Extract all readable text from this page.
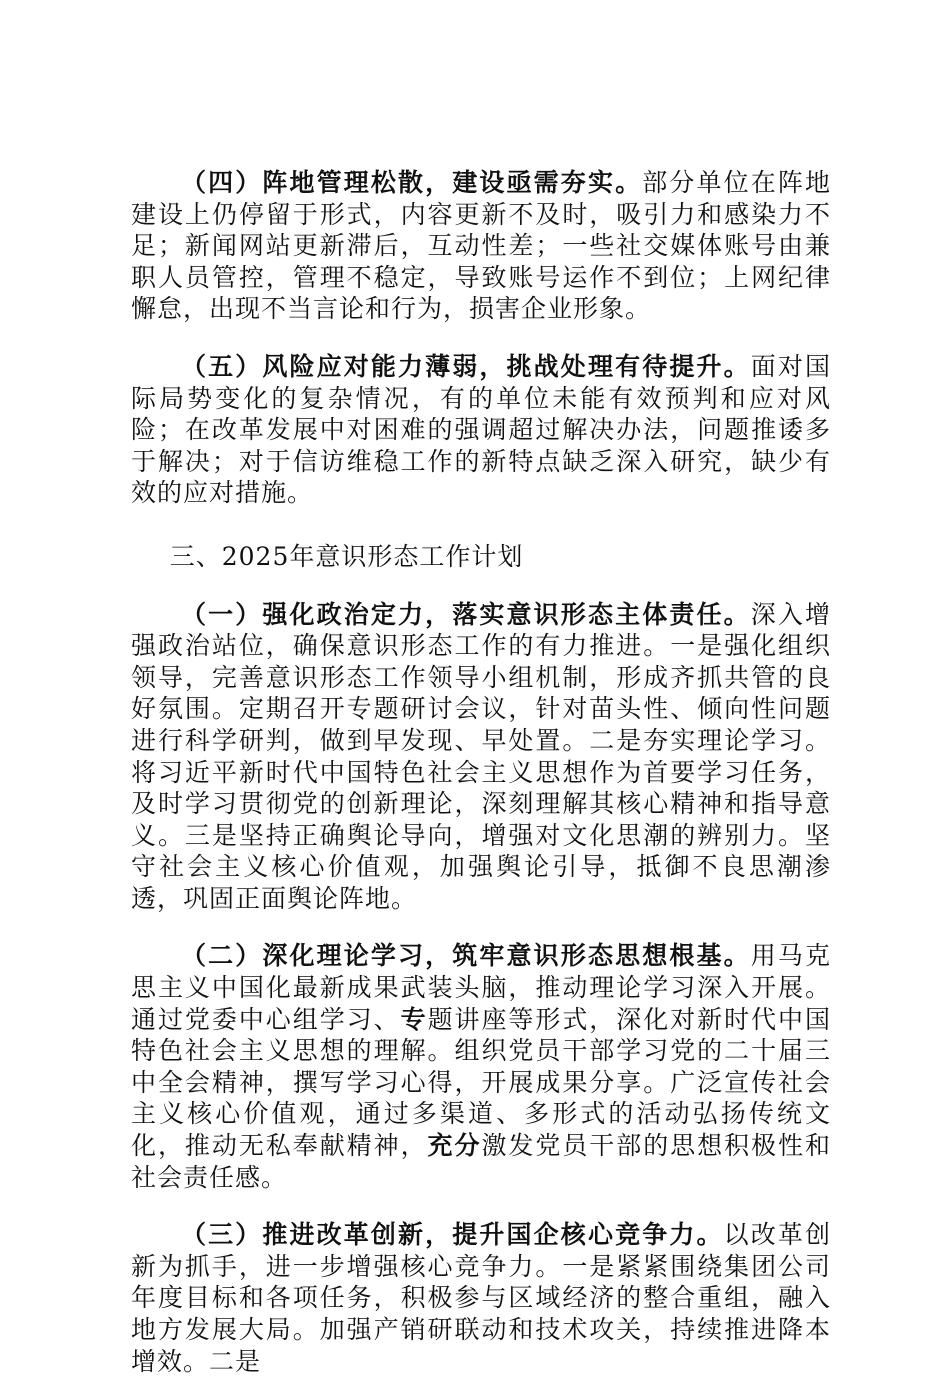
（四）阵地管理松散，建设亟需夯实。部分单位在阵地建设上仍停留于形式，内容更新不及时，吸引力和感染力不足；新闻网站更新滞后，互动性差；一些社交媒体账号由兼职人员管控，管理不稳定，导致账号运作不到位；上网纪律懈怠，出现不当言论和行为，损害企业形象。

（五）风险应对能力薄弱，挑战处理有待提升。面对国际局势变化的复杂情况，有的单位未能有效预判和应对风险；在改革发展中对困难的强调超过解决办法，问题推诿多于解决；对于信访维稳工作的新特点缺乏深入研究，缺少有效的应对措施。

三、2025年意识形态工作计划

（一）强化政治定力，落实意识形态主体责任。深入增强政治站位，确保意识形态工作的有力推进。一是强化组织领导，完善意识形态工作领导小组机制，形成齐抓共管的良好氛围。定期召开专题研讨会议，针对苗头性、倾向性问题进行科学研判，做到早发现、早处置。二是夯实理论学习。将习近平新时代中国特色社会主义思想作为首要学习任务，及时学习贯彻党的创新理论，深刻理解其核心精神和指导意义。三是坚持正确舆论导向，增强对文化思潮的辨别力。坚守社会主义核心价值观，加强舆论引导，抵御不良思潮渗透，巩固正面舆论阵地。

（二）深化理论学习，筑牢意识形态思想根基。用马克思主义中国化最新成果武装头脑，推动理论学习深入开展。通过党委中心组学习、专题讲座等形式，深化对新时代中国特色社会主义思想的理解。组织党员干部学习党的二十届三中全会精神，撰写学习心得，开展成果分享。广泛宣传社会主义核心价值观，通过多渠道、多形式的活动弘扬传统文化，推动无私奉献精神，充分激发党员干部的思想积极性和社会责任感。

（三）推进改革创新，提升国企核心竞争力。以改革创新为抓手，进一步增强核心竞争力。一是紧紧围绕集团公司年度目标和各项任务，积极参与区域经济的整合重组，融入地方发展大局。加强产销研联动和技术攻关，持续推进降本增效。二是
